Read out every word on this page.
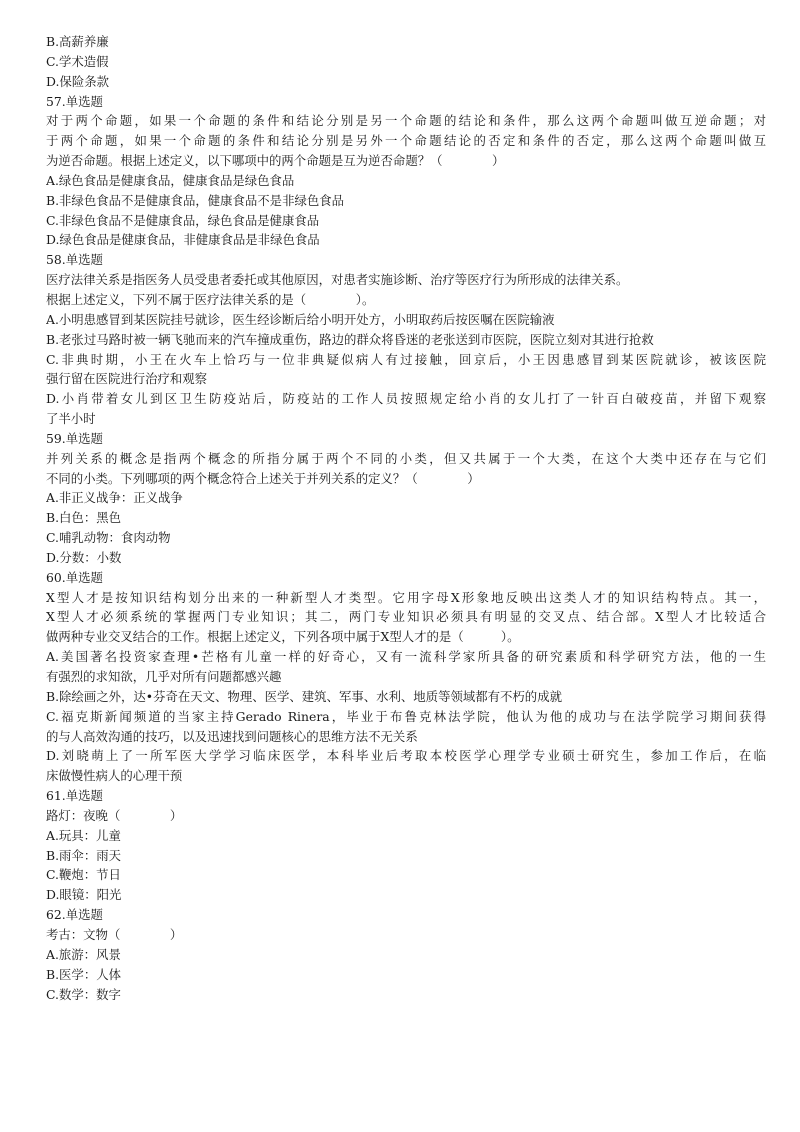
B.高薪养廉
C.学术造假
D.保险条款
57.单选题
对于两个命题，如果一个命题的条件和结论分别是另一个命题的结论和条件，那么这两个命题叫做互逆命题；对
于两个命题，如果一个命题的条件和结论分别是另外一个命题结论的否定和条件的否定，那么这两个命题叫做互
为逆否命题。根据上述定义，以下哪项中的两个命题是互为逆否命题？（　　　　）
A.绿色食品是健康食品，健康食品是绿色食品
B.非绿色食品不是健康食品，健康食品不是非绿色食品
C.非绿色食品不是健康食品，绿色食品是健康食品
D.绿色食品是健康食品，非健康食品是非绿色食品
58.单选题
医疗法律关系是指医务人员受患者委托或其他原因，对患者实施诊断、治疗等医疗行为所形成的法律关系。
根据上述定义，下列不属于医疗法律关系的是（　　　　）。
A.小明患感冒到某医院挂号就诊，医生经诊断后给小明开处方，小明取药后按医嘱在医院输液
B.老张过马路时被一辆飞驰而来的汽车撞成重伤，路边的群众将昏迷的老张送到市医院，医院立刻对其进行抢救
C.非典时期，小王在火车上恰巧与一位非典疑似病人有过接触，回京后，小王因患感冒到某医院就诊，被该医院
强行留在医院进行治疗和观察
D.小肖带着女儿到区卫生防疫站后，防疫站的工作人员按照规定给小肖的女儿打了一针百白破疫苗，并留下观察
了半小时
59.单选题
并列关系的概念是指两个概念的所指分属于两个不同的小类，但又共属于一个大类，在这个大类中还存在与它们
不同的小类。下列哪项的两个概念符合上述关于并列关系的定义？（　　　　）
A.非正义战争：正义战争
B.白色：黑色
C.哺乳动物：食肉动物
D.分数：小数
60.单选题
X型人才是按知识结构划分出来的一种新型人才类型。它用字母X形象地反映出这类人才的知识结构特点。其一，
X型人才必须系统的掌握两门专业知识；其二，两门专业知识必须具有明显的交叉点、结合部。X型人才比较适合
做两种专业交叉结合的工作。根据上述定义，下列各项中属于X型人才的是（　　　）。
A.美国著名投资家查理•芒格有儿童一样的好奇心，又有一流科学家所具备的研究素质和科学研究方法，他的一生
有强烈的求知欲，几乎对所有问题都感兴趣
B.除绘画之外，达•芬奇在天文、物理、医学、建筑、军事、水利、地质等领域都有不朽的成就
C.福克斯新闻频道的当家主持Gerado Rinera，毕业于布鲁克林法学院，他认为他的成功与在法学院学习期间获得
的与人高效沟通的技巧，以及迅速找到问题核心的思维方法不无关系
D.刘晓萌上了一所军医大学学习临床医学，本科毕业后考取本校医学心理学专业硕士研究生，参加工作后，在临
床做慢性病人的心理干预
61.单选题
路灯：夜晚（　　　　）
A.玩具：儿童
B.雨伞：雨天
C.鞭炮：节日
D.眼镜：阳光
62.单选题
考古：文物（　　　　）
A.旅游：风景
B.医学：人体
C.数学：数字
